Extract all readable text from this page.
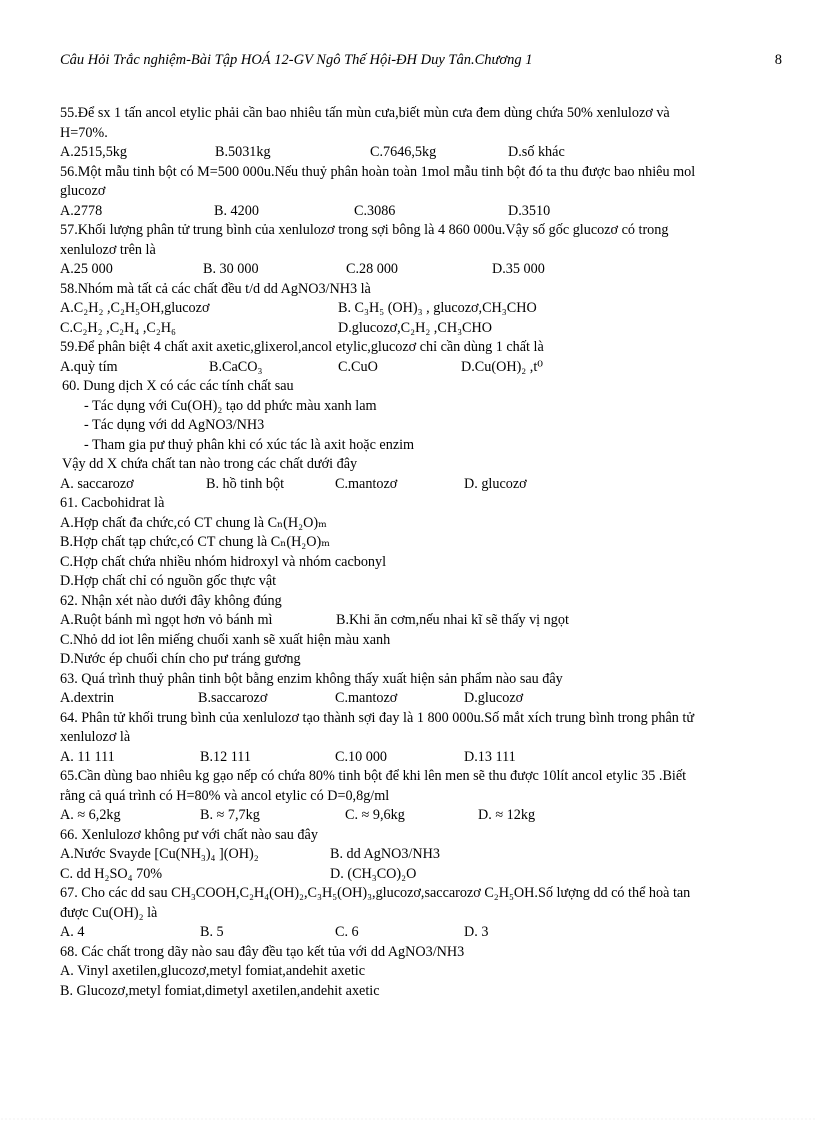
Câu Hỏi Trắc nghiệm-Bài Tập HOÁ 12-GV Ngô Thế Hội-ĐH Duy Tân.Chương 1	8
55.Để sx 1 tấn ancol etylic phải cần bao nhiêu tấn mùn cưa,biết mùn cưa đem dùng chứa 50% xenlulozơ và
H=70%.
A.2515,5kg	B.5031kg	C.7646,5kg	D.số khác
56.Một mẫu tinh bột có M=500 000u.Nếu thuỷ phân hoàn toàn 1mol mẫu tinh bột đó ta thu được bao nhiêu mol
glucozơ
A.2778	B. 4200	C.3086	D.3510
57.Khối lượng phân tử trung bình của xenlulozơ trong sợi bông là 4 860 000u.Vậy số gốc glucozơ có trong
xenlulozơ trên là
A.25 000	B. 30 000	C.28 000	D.35 000
58.Nhóm mà tất cả các chất đều t/d dd AgNO3/NH3 là
A.C₂H₂ ,C₂H₅OH,glucozơ	B. C₃H₅ (OH)₃ , glucozơ,CH₃CHO
C.C₂H₂ ,C₂H₄ ,C₂H₆	D.glucozơ,C₂H₂ ,CH₃CHO
59.Để phân biệt 4 chất axit axetic,glixerol,ancol etylic,glucozơ chỉ cần dùng 1 chất là
A.quỳ tím	B.CaCO₃	C.CuO	D.Cu(OH)₂ ,t⁰
60. Dung dịch X có các các tính chất sau
- Tác dụng với Cu(OH)₂ tạo dd phức màu xanh lam
- Tác dụng với dd AgNO3/NH3
- Tham gia pư thuỷ phân khi có xúc tác là axit hoặc enzim
Vậy dd X chứa chất tan nào trong các chất dưới đây
A. saccarozơ	B. hồ tinh bột	C.mantozơ	D. glucozơ
61. Cacbohidrat là
A.Hợp chất đa chức,có CT chung là Cₙ(H₂O)ₘ
B.Hợp chất tạp chức,có CT chung là Cₙ(H₂O)ₘ
C.Hợp chất chứa nhiều nhóm hidroxyl và nhóm cacbonyl
D.Hợp chất chỉ có nguồn gốc thực vật
62. Nhận xét nào dưới đây không đúng
A.Ruột bánh mì ngọt hơn vỏ bánh mì	B.Khi ăn cơm,nếu nhai kĩ sẽ thấy vị ngọt
C.Nhỏ dd iot lên miếng chuối xanh sẽ xuất hiện màu xanh
D.Nước ép chuối chín cho pư tráng gương
63. Quá trình thuỷ phân tinh bột bằng enzim không thấy xuất hiện sản phẩm nào sau đây
A.dextrin	B.saccarozơ	C.mantozơ	D.glucozơ
64. Phân tử khối trung bình của xenlulozơ tạo thành sợi đay là 1 800 000u.Số mắt xích trung bình trong phân tử
xenlulozơ là
A. 11 111	B.12 111	C.10 000	D.13 111
65.Cần dùng bao nhiêu kg gạo nếp có chứa 80% tinh bột để khi lên men sẽ thu được 10lít ancol etylic 35 .Biết
rằng cả quá trình có H=80% và ancol etylic có D=0,8g/ml
A. ≈ 6,2kg	B. ≈ 7,7kg	C. ≈ 9,6kg	D. ≈ 12kg
66. Xenlulozơ không pư với chất nào sau đây
A.Nước Svayde [Cu(NH₃)₄ ](OH)₂	B. dd AgNO3/NH3
C. dd H₂SO₄ 70%	D. (CH₃CO)₂O
67. Cho các dd sau CH₃COOH,C₂H₄(OH)₂,C₃H₅(OH)₃,glucozơ,saccarozơ C₂H₅OH.Số lượng dd có thể hoà tan
được Cu(OH)₂ là
A. 4	B. 5	C. 6	D. 3
68. Các chất trong dãy nào sau đây đều tạo kết tủa với dd AgNO3/NH3
A. Vinyl axetilen,glucozơ,metyl fomiat,andehit axetic
B. Glucozơ,metyl fomiat,dimetyl axetilen,andehit axetic
